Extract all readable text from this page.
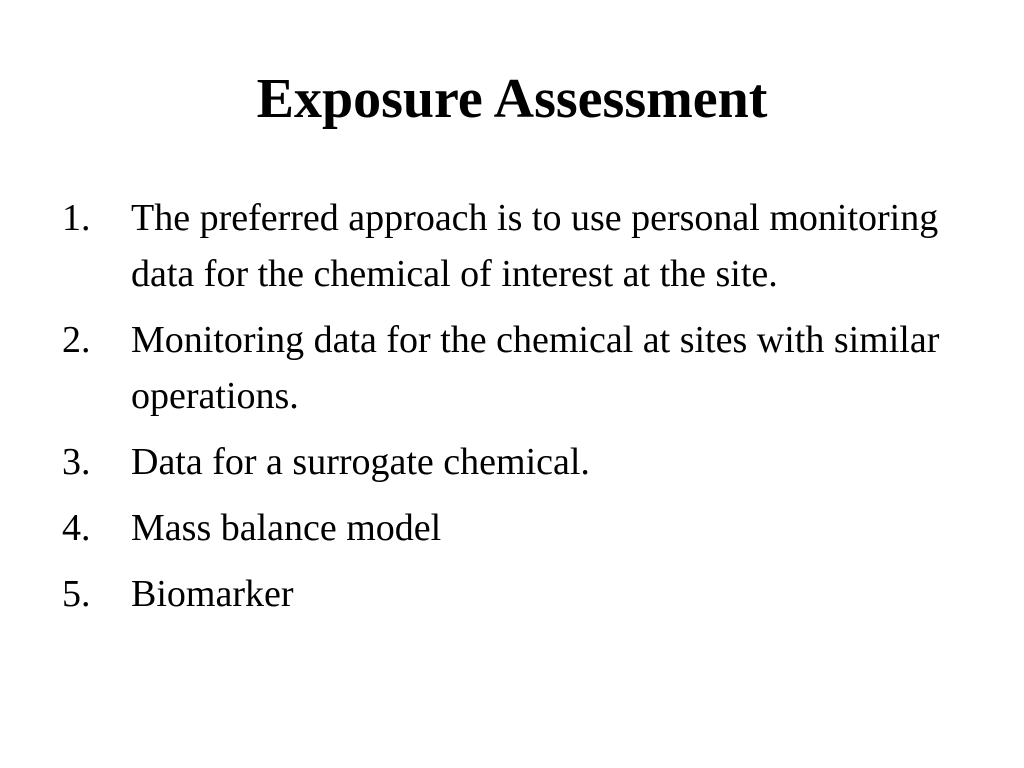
Exposure Assessment
1. The preferred approach is to use personal monitoring data for the chemical of interest at the site.
2. Monitoring data for the chemical at sites with similar operations.
3. Data for a surrogate chemical.
4. Mass balance model
5. Biomarker
